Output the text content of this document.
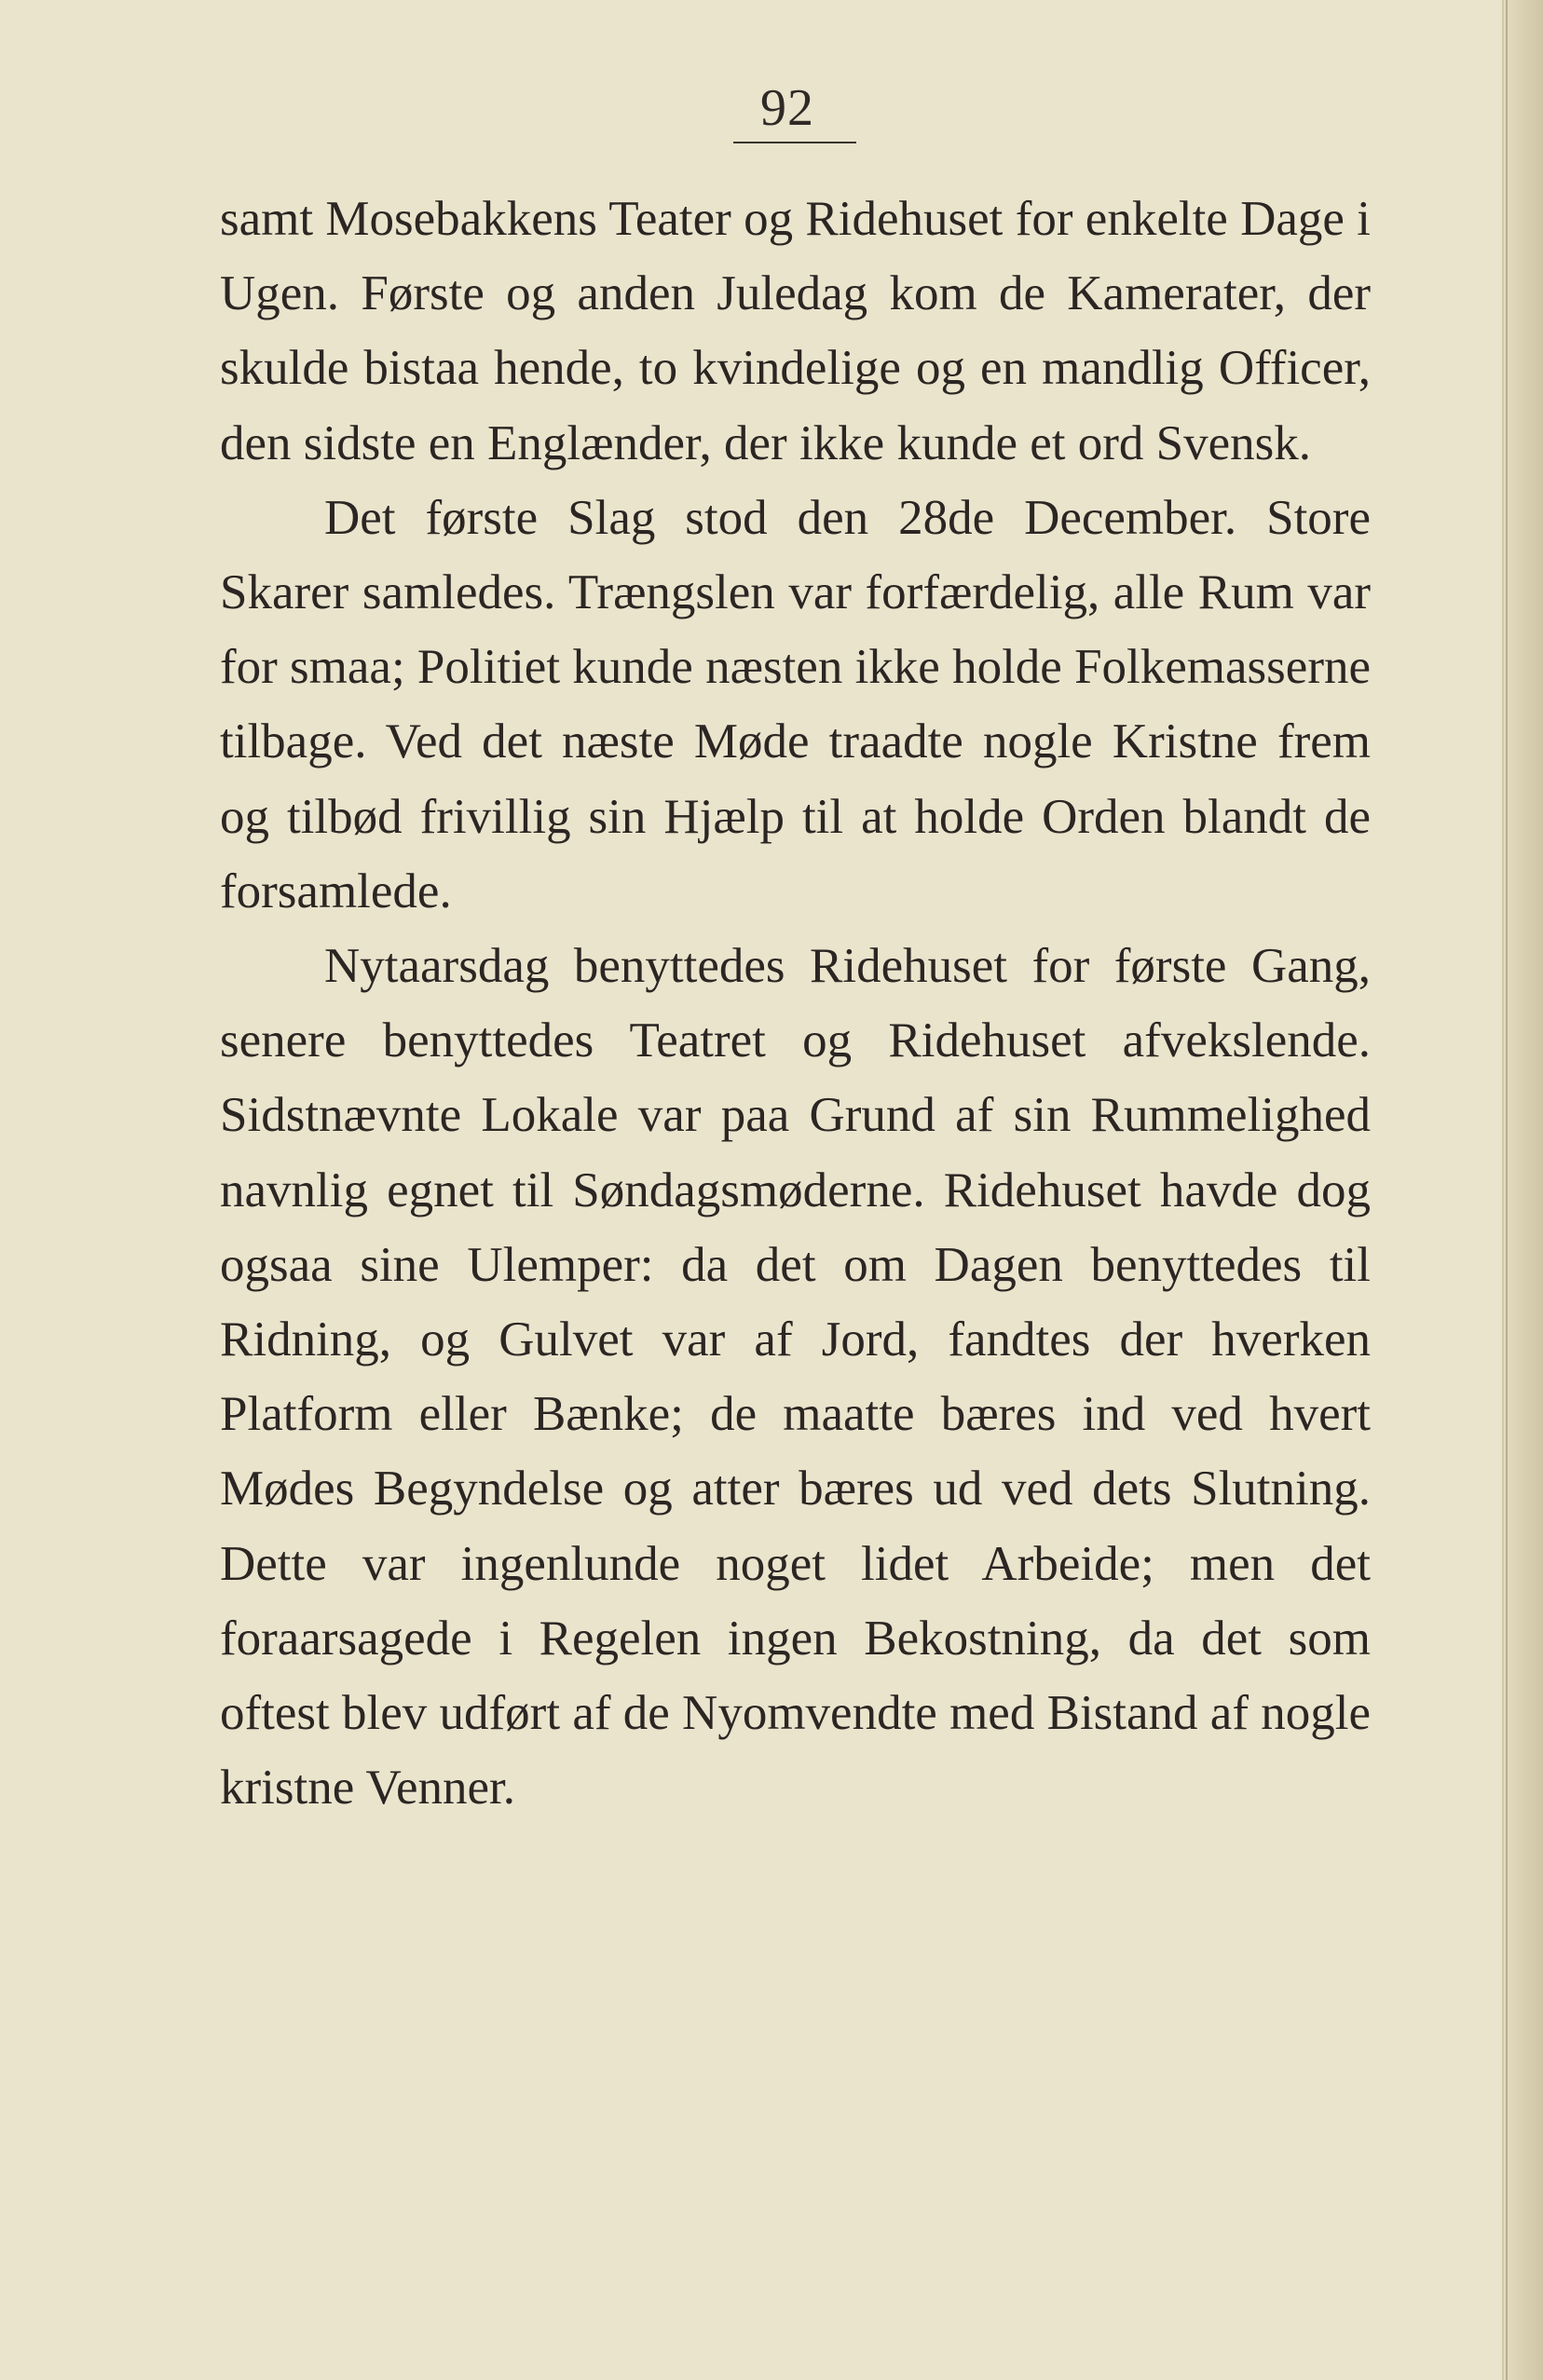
92

samt Mosebakkens Teater og Ridehuset for enkelte Dage i Ugen. Første og anden Juledag kom de Kamerater, der skulde bistaa hende, to kvindelige og en mandlig Officer, den sidste en Englænder, der ikke kunde et ord Svensk.

Det første Slag stod den 28de December. Store Skarer samledes. Trængslen var forfærdelig, alle Rum var for smaa; Politiet kunde næsten ikke holde Folkemasserne tilbage. Ved det næste Møde traadte nogle Kristne frem og tilbød frivillig sin Hjælp til at holde Orden blandt de forsamlede.

Nytaarsdag benyttedes Ridehuset for første Gang, senere benyttedes Teatret og Ridehuset afvekslende. Sidstnævnte Lokale var paa Grund af sin Rummelighed navnlig egnet til Søndagsmøderne. Ridehuset havde dog ogsaa sine Ulemper: da det om Dagen benyttedes til Ridning, og Gulvet var af Jord, fandtes der hverken Platform eller Bænke; de maatte bæres ind ved hvert Mødes Begyndelse og atter bæres ud ved dets Slutning. Dette var ingenlunde noget lidet Arbeide; men det foraarsagede i Regelen ingen Bekostning, da det som oftest blev udført af de Nyomvendte med Bistand af nogle kristne Venner.
